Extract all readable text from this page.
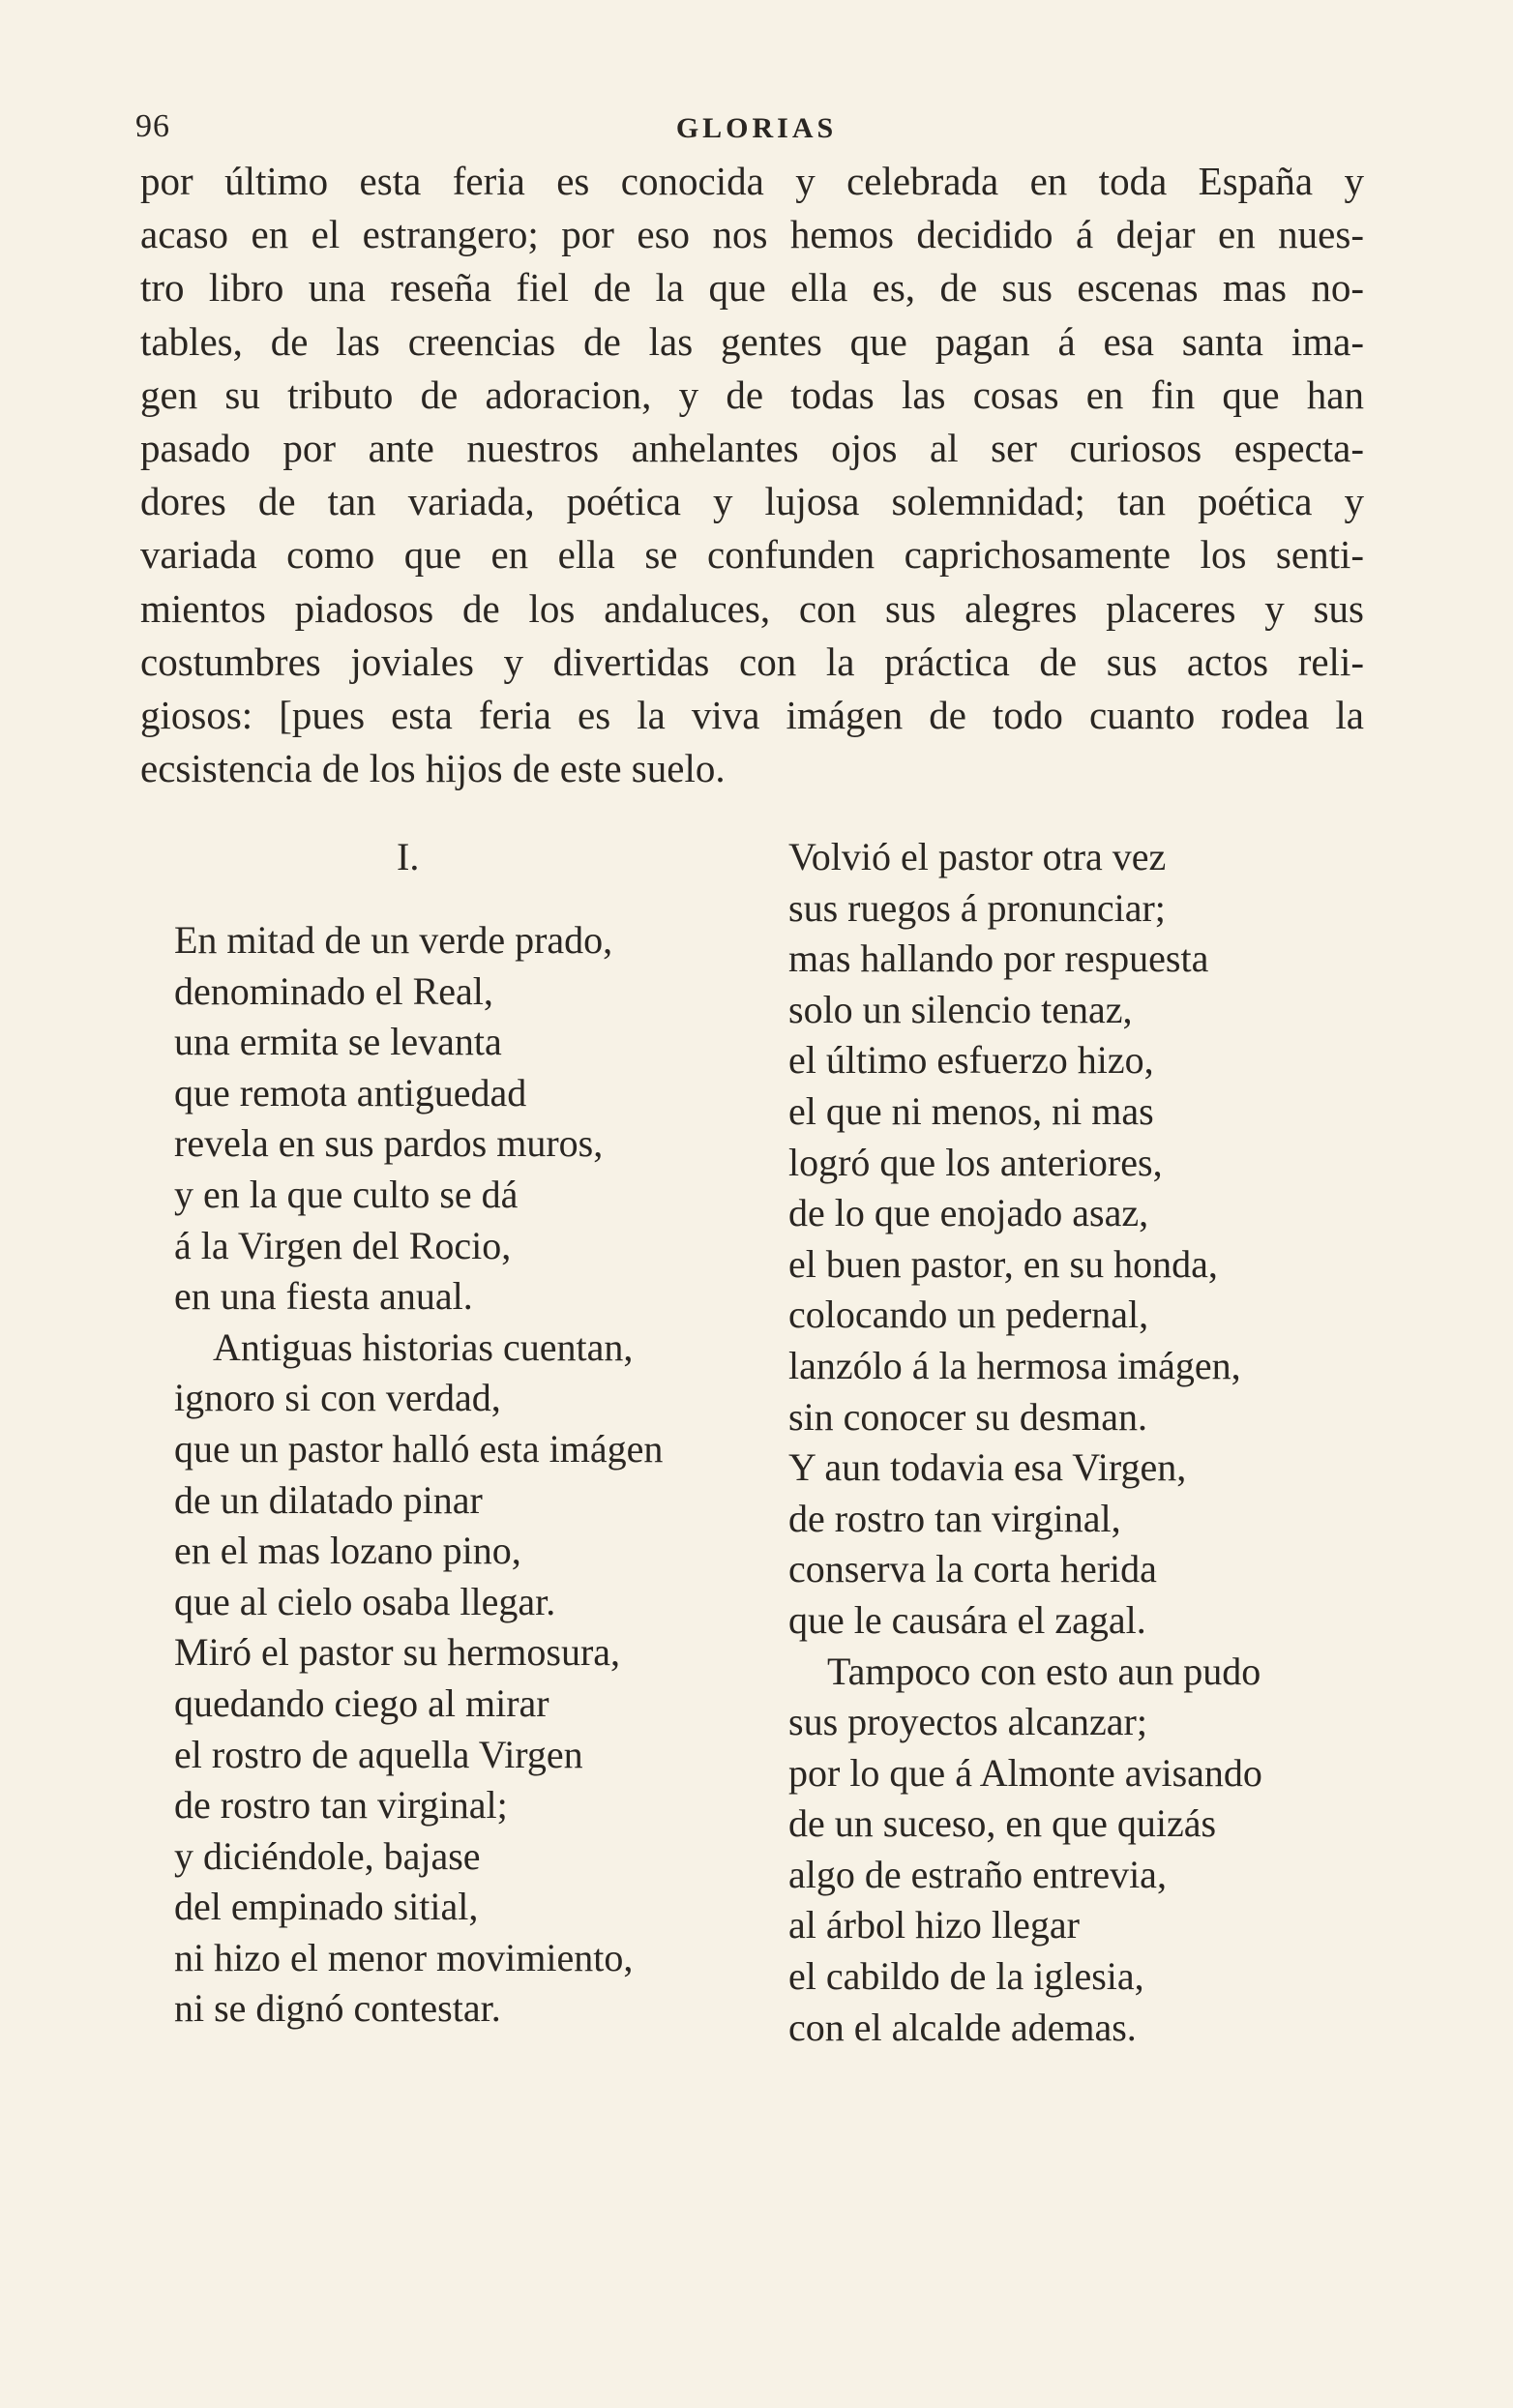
96	GLORIAS
por último esta feria es conocida y celebrada en toda España y
acaso en el estrangero; por eso nos hemos decidido á dejar en nues-
tro libro una reseña fiel de la que ella es, de sus escenas mas no-
tables, de las creencias de las gentes que pagan á esa santa ima-
gen su tributo de adoracion, y de todas las cosas en fin que han
pasado por ante nuestros anhelantes ojos al ser curiosos especta-
dores de tan variada, poética y lujosa solemnidad; tan poética y
variada como que en ella se confunden caprichosamente los senti-
mientos piadosos de los andaluces, con sus alegres placeres y sus
costumbres joviales y divertidas con la práctica de sus actos reli-
giosos: [pues esta feria es la viva imágen de todo cuanto rodea la
ecsistencia de los hijos de este suelo.
I.
En mitad de un verde prado,
denominado el Real,
una ermita se levanta
que remota antiguedad
revela en sus pardos muros,
y en la que culto se dá
á la Virgen del Rocio,
en una fiesta anual.
Antiguas historias cuentan,
ignoro si con verdad,
que un pastor halló esta imágen
de un dilatado pinar
en el mas lozano pino,
que al cielo osaba llegar.
Miró el pastor su hermosura,
quedando ciego al mirar
el rostro de aquella Virgen
de rostro tan virginal;
y diciéndole, bajase
del empinado sitial,
ni hizo el menor movimiento,
ni se dignó contestar.
Volvió el pastor otra vez
sus ruegos á pronunciar;
mas hallando por respuesta
solo un silencio tenaz,
el último esfuerzo hizo,
el que ni menos, ni mas
logró que los anteriores,
de lo que enojado asaz,
el buen pastor, en su honda,
colocando un pedernal,
lanzólo á la hermosa imágen,
sin conocer su desman.
Y aun todavia esa Virgen,
de rostro tan virginal,
conserva la corta herida
que le causára el zagal.
Tampoco con esto aun pudo
sus proyectos alcanzar;
por lo que á Almonte avisando
de un suceso, en que quizás
algo de estraño entrevia,
al árbol hizo llegar
el cabildo de la iglesia,
con el alcalde ademas.
